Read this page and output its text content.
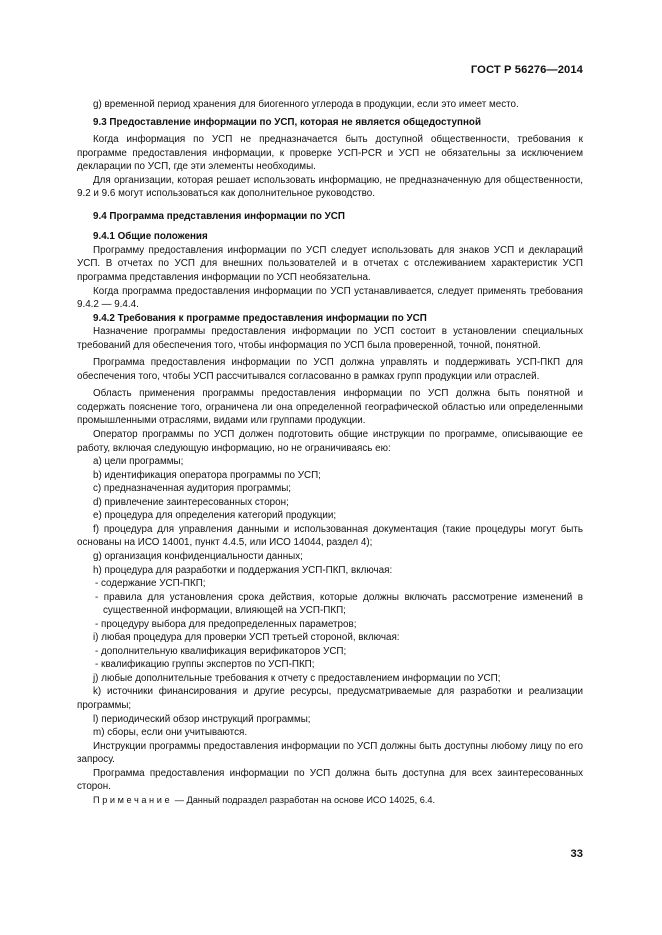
ГОСТ Р 56276—2014

g) временной период хранения для биогенного углерода в продукции, если это имеет место.

9.3 Предоставление информации по УСП, которая не является общедоступной

Когда информация по УСП не предназначается быть доступной общественности, требования к программе предоставления информации, к проверке УСП-PCR и УСП не обязательны за исключением декларации по УСП, где эти элементы необходимы.

Для организации, которая решает использовать информацию, не предназначенную для общественности, 9.2 и 9.6 могут использоваться как дополнительное руководство.

9.4 Программа представления информации по УСП

9.4.1 Общие положения

Программу предоставления информации по УСП следует использовать для знаков УСП и деклараций УСП. В отчетах по УСП для внешних пользователей и в отчетах с отслеживанием характеристик УСП программа представления информации по УСП необязательна.

Когда программа предоставления информации по УСП устанавливается, следует применять требования 9.4.2 — 9.4.4.

9.4.2 Требования к программе предоставления информации по УСП

Назначение программы предоставления информации по УСП состоит в установлении специальных требований для обеспечения того, чтобы информация по УСП была проверенной, точной, понятной.

Программа предоставления информации по УСП должна управлять и поддерживать УСП-ПКП для обеспечения того, чтобы УСП рассчитывался согласованно в рамках групп продукции или отраслей.

Область применения программы предоставления информации по УСП должна быть понятной и содержать пояснение того, ограничена ли она определенной географической областью или определенными промышленными отраслями, видами или группами продукции.

Оператор программы по УСП должен подготовить общие инструкции по программе, описывающие ее работу, включая следующую информацию, но не ограничиваясь ею:

a) цели программы;

b) идентификация оператора программы по УСП;

c) предназначенная аудитория программы;

d) привлечение заинтересованных сторон;

e) процедура для определения категорий продукции;

f) процедура для управления данными и использованная документация (такие процедуры могут быть основаны на ИСО 14001, пункт 4.4.5, или ИСО 14044, раздел 4);

g) организация конфиденциальности данных;

h) процедура для разработки и поддержания УСП-ПКП, включая:

- содержание УСП-ПКП;

- правила для установления срока действия, которые должны включать рассмотрение изменений в существенной информации, влияющей на УСП-ПКП;

- процедуру выбора для предопределенных параметров;

i) любая процедура для проверки УСП третьей стороной, включая:

- дополнительную квалификация верификаторов УСП;

- квалификацию группы экспертов по УСП-ПКП;

j) любые дополнительные требования к отчету с предоставлением информации по УСП;

k) источники финансирования и другие ресурсы, предусматриваемые для разработки и реализации программы;

l) периодический обзор инструкций программы;

m) сборы, если они учитываются.

Инструкции программы предоставления информации по УСП должны быть доступны любому лицу по его запросу.

Программа предоставления информации по УСП должна быть доступна для всех заинтересованных сторон.

Примечание — Данный подраздел разработан на основе ИСО 14025, 6.4.

33
